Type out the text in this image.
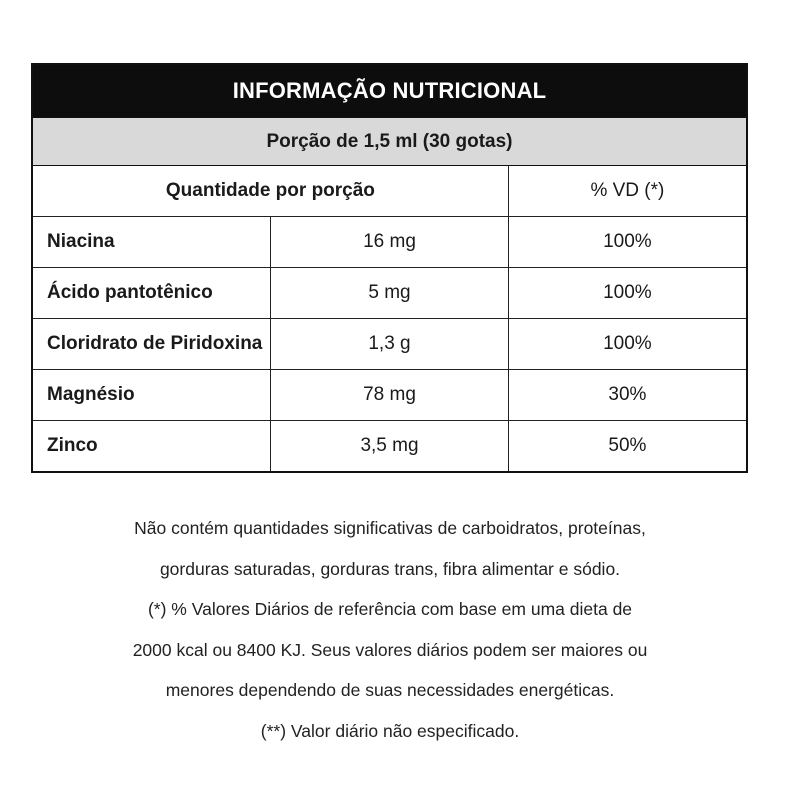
INFORMAÇÃO NUTRICIONAL
Porção de 1,5 ml (30 gotas)
Quantidade por porção		% VD (*)
Niacina	16 mg	100%
Ácido pantotênico	5 mg	100%
Cloridrato de Piridoxina	1,3 g	100%
Magnésio	78 mg	30%
Zinco	3,5 mg	50%

Não contém quantidades significativas de carboidratos, proteínas,

gorduras saturadas, gorduras trans, fibra alimentar e sódio.

(*) % Valores Diários de referência com base em uma dieta de

2000 kcal ou 8400 KJ. Seus valores diários podem ser maiores ou

menores dependendo de suas necessidades energéticas.

(**) Valor diário não especificado.
